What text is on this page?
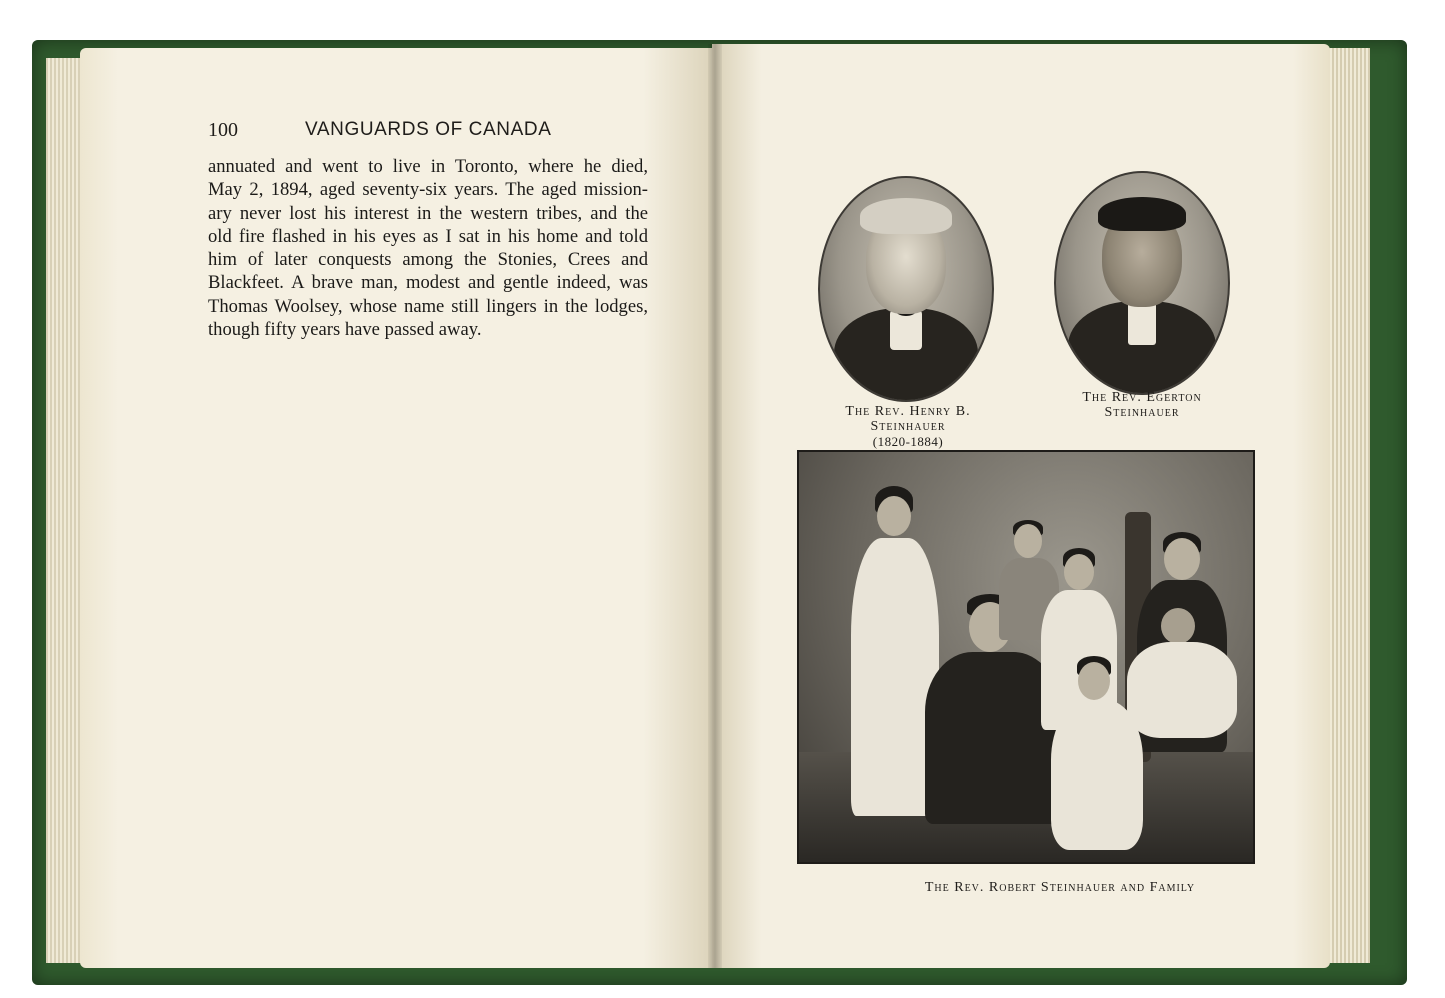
100	VANGUARDS OF CANADA
annuated and went to live in Toronto, where he died,
May 2, 1894, aged seventy-six years. The aged mission-
ary never lost his interest in the western tribes, and the
old fire flashed in his eyes as I sat in his home and told
him of later conquests among the Stonies, Crees and
Blackfeet. A brave man, modest and gentle indeed, was
Thomas Woolsey, whose name still lingers in the lodges,
though fifty years have passed away.
The Rev. Henry B.
Steinhauer
(1820-1884)
The Rev. Egerton
Steinhauer
The Rev. Robert Steinhauer and Family
